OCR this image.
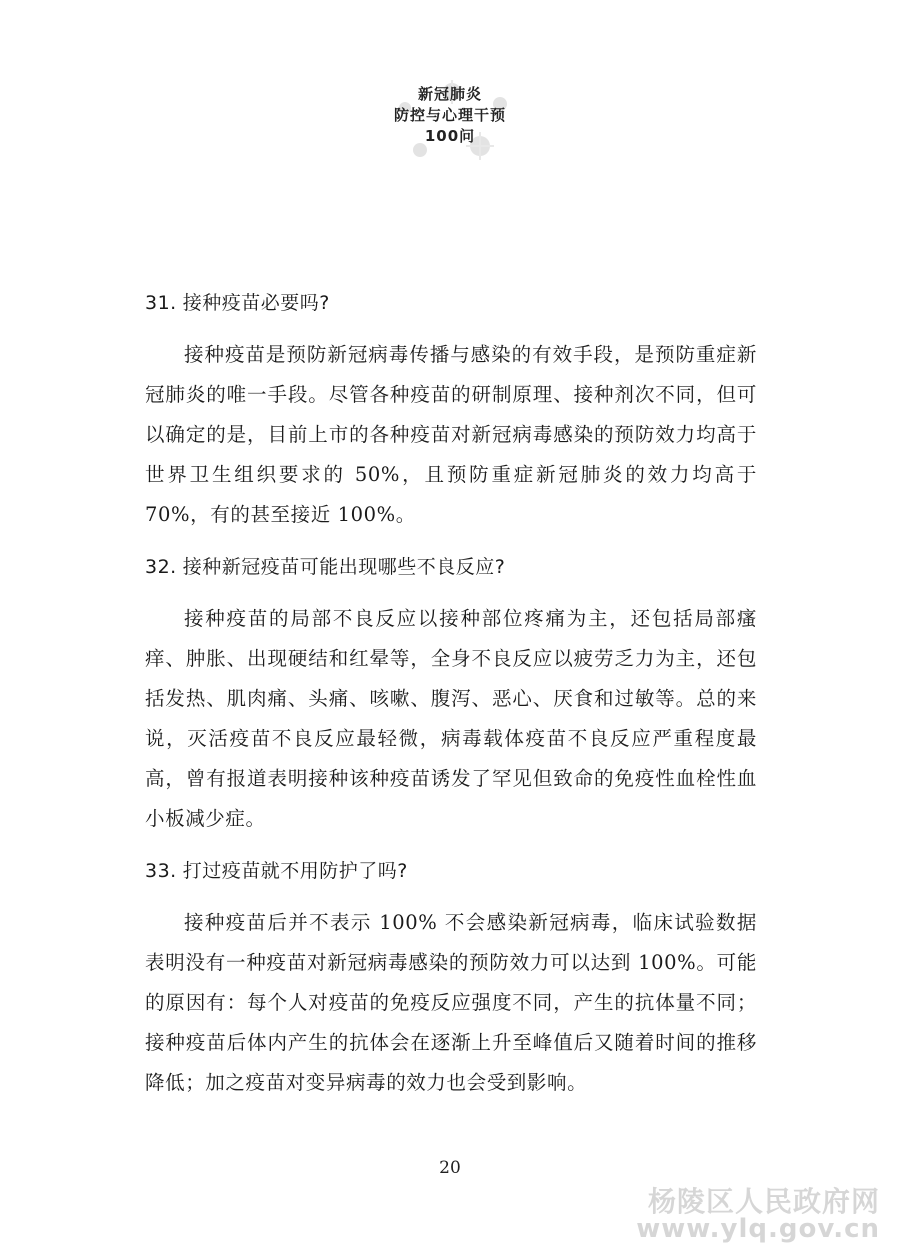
新冠肺炎
防控与心理干预
100问
31. 接种疫苗必要吗?

接种疫苗是预防新冠病毒传播与感染的有效手段，是预防重症新冠肺炎的唯一手段。尽管各种疫苗的研制原理、接种剂次不同，但可以确定的是，目前上市的各种疫苗对新冠病毒感染的预防效力均高于世界卫生组织要求的 50%，且预防重症新冠肺炎的效力均高于 70%，有的甚至接近 100%。

32. 接种新冠疫苗可能出现哪些不良反应?

接种疫苗的局部不良反应以接种部位疼痛为主，还包括局部瘙痒、肿胀、出现硬结和红晕等，全身不良反应以疲劳乏力为主，还包括发热、肌肉痛、头痛、咳嗽、腹泻、恶心、厌食和过敏等。总的来说，灭活疫苗不良反应最轻微，病毒载体疫苗不良反应严重程度最高，曾有报道表明接种该种疫苗诱发了罕见但致命的免疫性血栓性血小板减少症。

33. 打过疫苗就不用防护了吗?

接种疫苗后并不表示 100% 不会感染新冠病毒，临床试验数据表明没有一种疫苗对新冠病毒感染的预防效力可以达到 100%。可能的原因有：每个人对疫苗的免疫反应强度不同，产生的抗体量不同；接种疫苗后体内产生的抗体会在逐渐上升至峰值后又随着时间的推移降低；加之疫苗对变异病毒的效力也会受到影响。

20
杨陵区人民政府网
www.ylq.gov.cn
